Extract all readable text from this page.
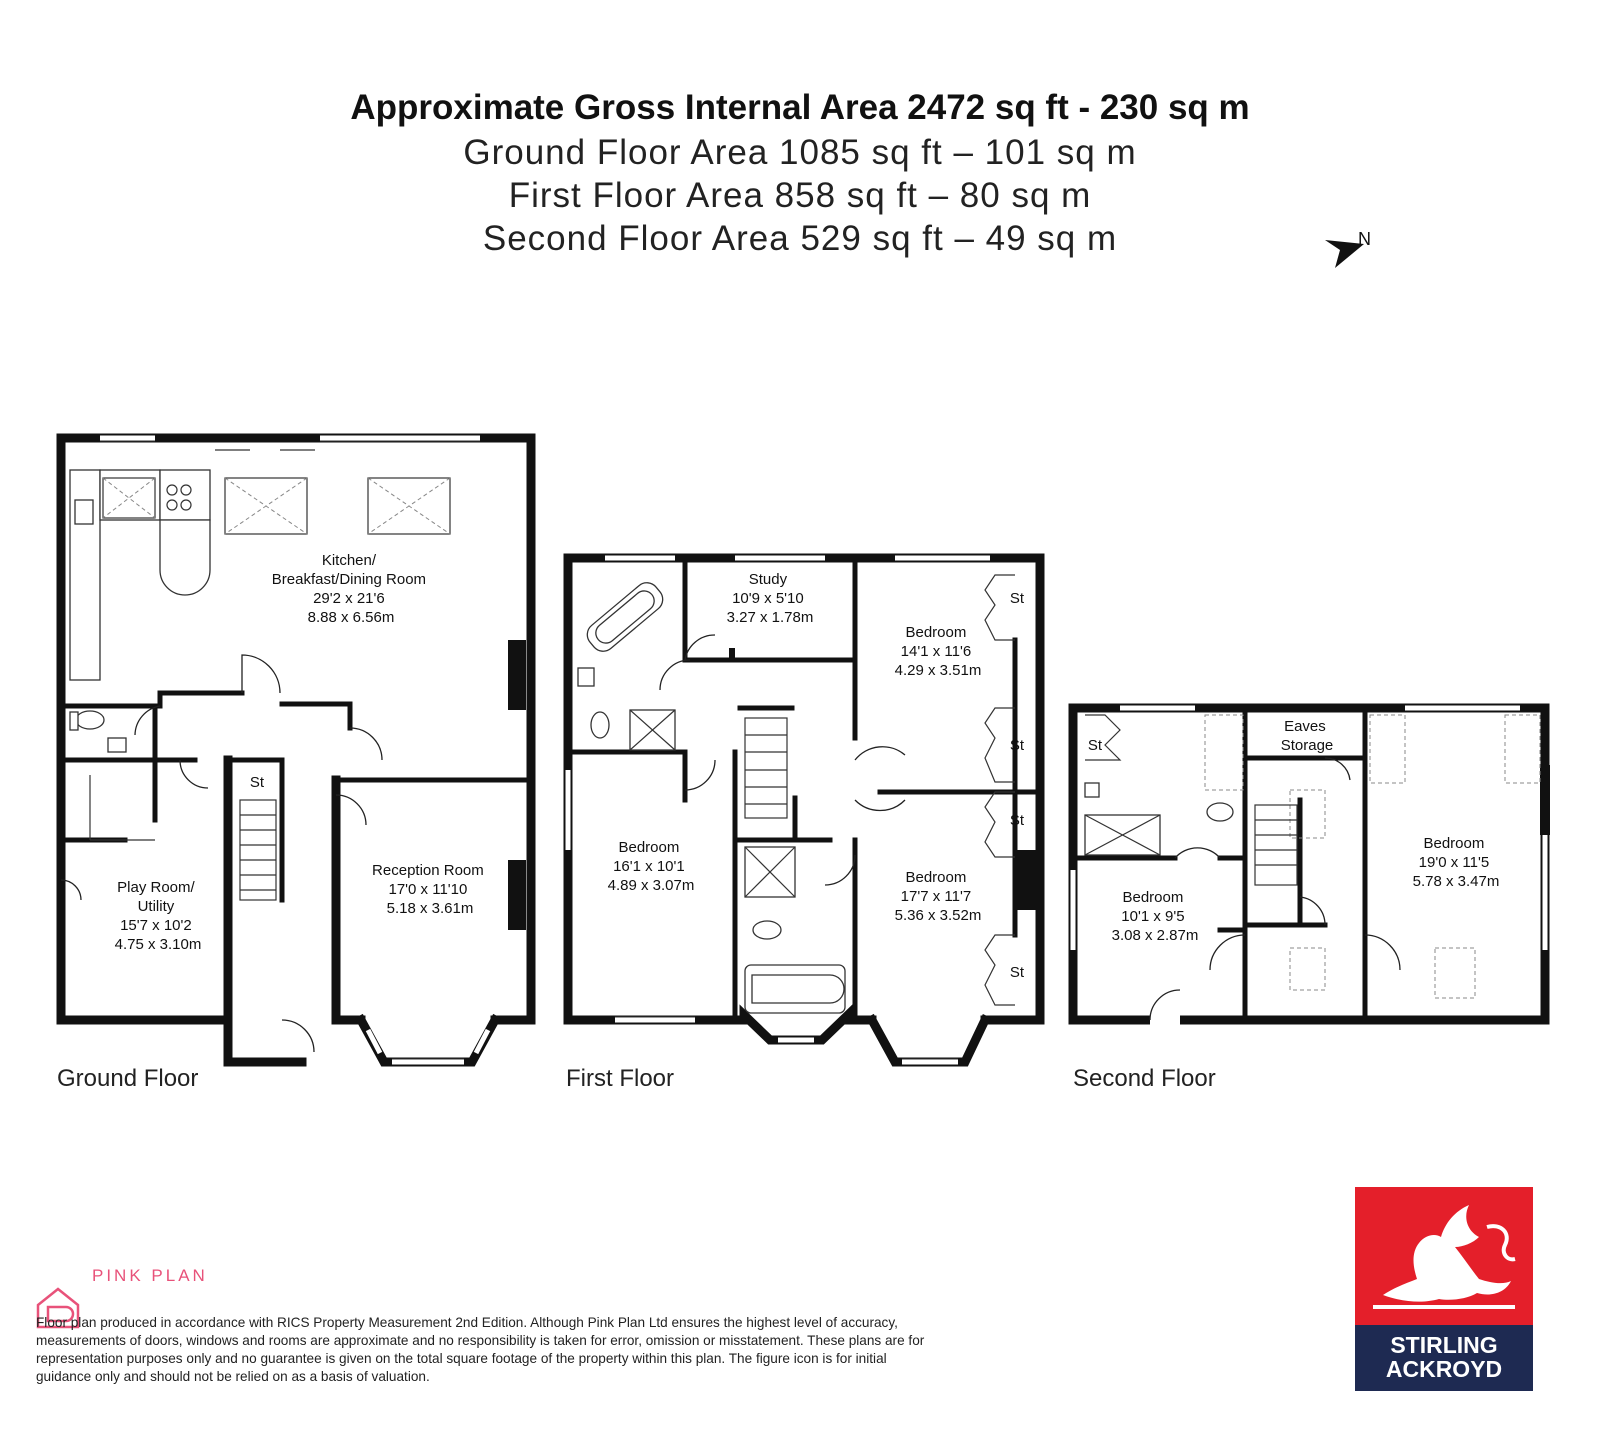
Approximate Gross Internal Area 2472 sq ft - 230 sq m
Ground Floor Area 1085 sq ft – 101 sq m
First Floor Area 858 sq ft – 80 sq m
Second Floor Area 529 sq ft – 49 sq m
Kitchen/ Breakfast/Dining Room 29'2 x 21'6 8.88 x 6.56m
Play Room/ Utility 15'7 x 10'2 4.75 x 3.10m
Reception Room 17'0 x 11'10 5.18 x 3.61m
St
Study 10'9 x 5'10 3.27 x 1.78m
Bedroom 14'1 x 11'6 4.29 x 3.51m
Bedroom 16'1 x 10'1 4.89 x 3.07m	Bedroom 17'7 x 11'7 5.36 x 3.52m
St
St
St
St
Eaves Storage
Bedroom 10'1 x 9'5 3.08 x 2.87m
Bedroom 19'0 x 11'5 5.78 x 3.47m
St
N
Ground Floor	First Floor	Second Floor
PINK PLAN
Floor plan produced in accordance with RICS Property Measurement 2nd Edition. Although Pink Plan Ltd ensures the highest level of accuracy, measurements of doors, windows and rooms are approximate and no responsibility is taken for error, omission or misstatement. These plans are for representation purposes only and no guarantee is given on the total square footage of the property within this plan. The figure icon is for initial guidance only and should not be relied on as a basis of valuation.
STIRLING
ACKROYD
